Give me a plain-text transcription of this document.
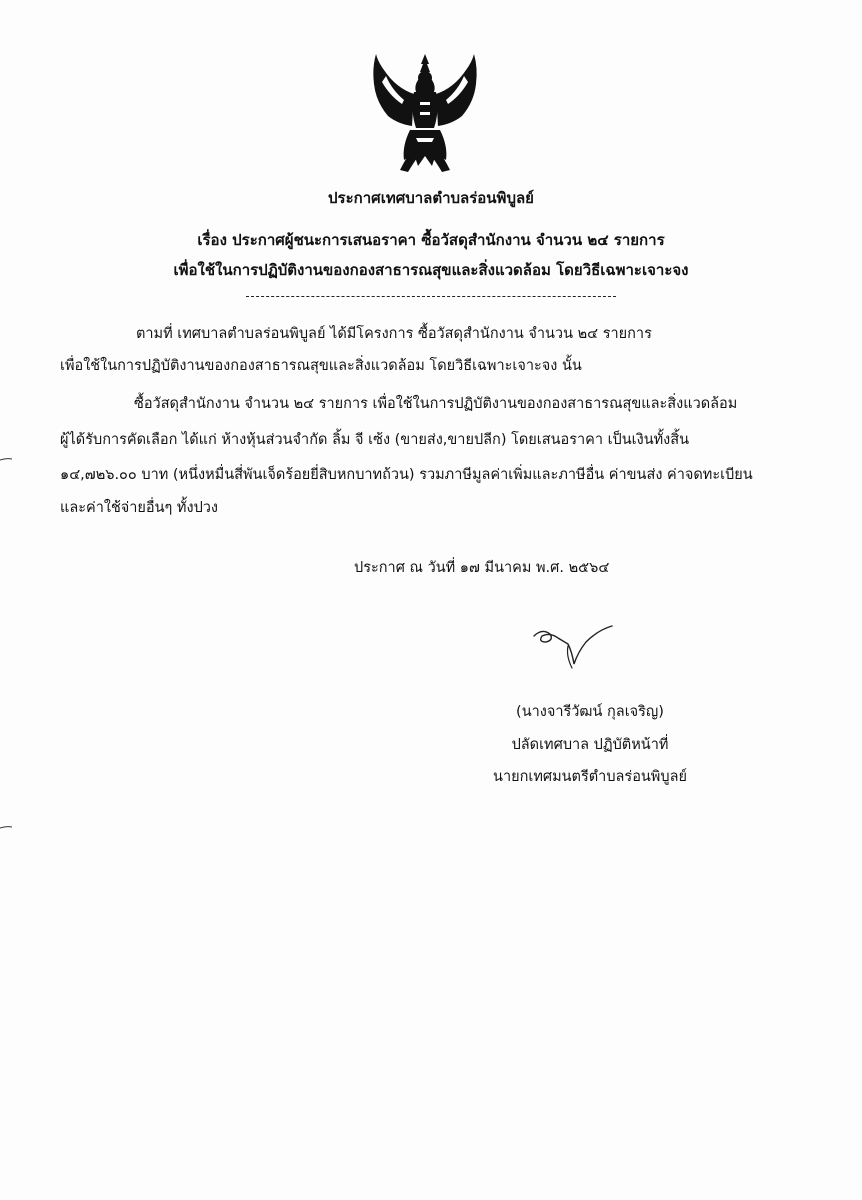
ประกาศเทศบาลตำบลร่อนพิบูลย์
เรื่อง ประกาศผู้ชนะการเสนอราคา ซื้อวัสดุสำนักงาน จำนวน ๒๔ รายการ
เพื่อใช้ในการปฏิบัติงานของกองสาธารณสุขและสิ่งแวดล้อม โดยวิธีเฉพาะเจาะจง
ตามที่ เทศบาลตำบลร่อนพิบูลย์ ได้มีโครงการ ซื้อวัสดุสำนักงาน จำนวน ๒๔ รายการ
เพื่อใช้ในการปฏิบัติงานของกองสาธารณสุขและสิ่งแวดล้อม โดยวิธีเฉพาะเจาะจง นั้น
ซื้อวัสดุสำนักงาน จำนวน ๒๔ รายการ เพื่อใช้ในการปฏิบัติงานของกองสาธารณสุขและสิ่งแวดล้อม
ผู้ได้รับการคัดเลือก ได้แก่ ห้างหุ้นส่วนจำกัด ลิ้ม จี เซ้ง (ขายส่ง,ขายปลีก) โดยเสนอราคา เป็นเงินทั้งสิ้น
๑๔,๗๒๖.๐๐ บาท (หนึ่งหมื่นสี่พันเจ็ดร้อยยี่สิบหกบาทถ้วน) รวมภาษีมูลค่าเพิ่มและภาษีอื่น ค่าขนส่ง ค่าจดทะเบียน
และค่าใช้จ่ายอื่นๆ ทั้งปวง
ประกาศ ณ วันที่ ๑๗ มีนาคม พ.ศ. ๒๕๖๔
(นางจารีวัฒน์ กุลเจริญ)
ปลัดเทศบาล ปฏิบัติหน้าที่
นายกเทศมนตรีตำบลร่อนพิบูลย์
